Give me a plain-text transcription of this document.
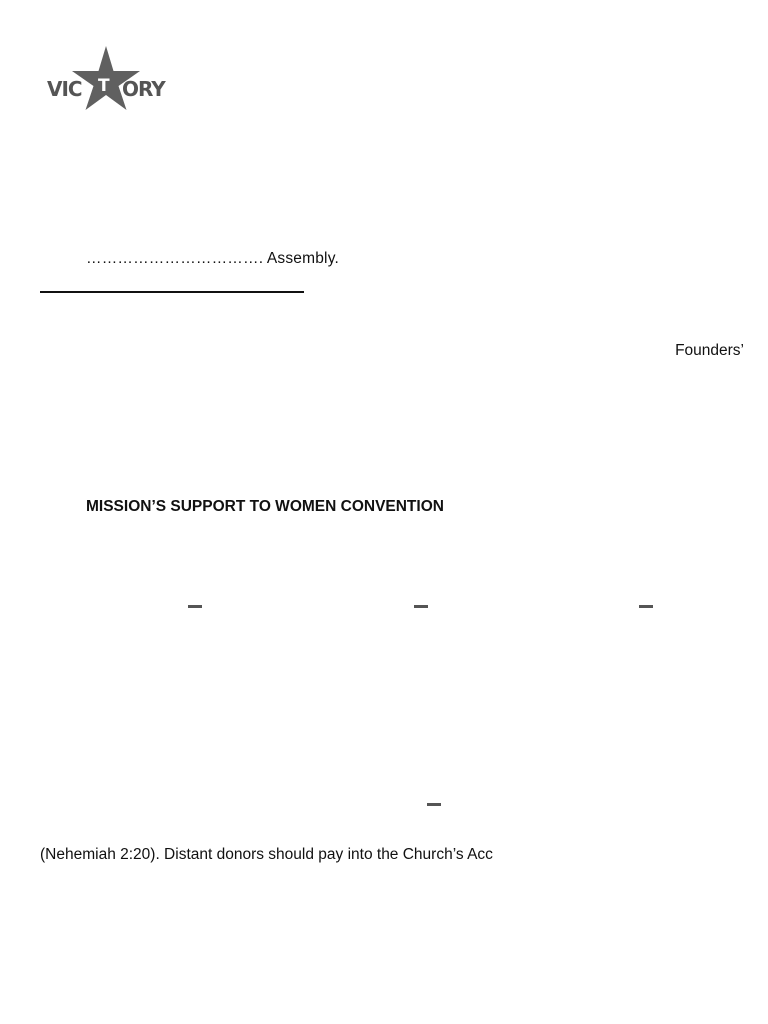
VIC T ORY
……………………………. Assembly.
Founders’
MISSION’S SUPPORT TO WOMEN CONVENTION
(Nehemiah 2:20). Distant donors should pay into the Church’s Acc
